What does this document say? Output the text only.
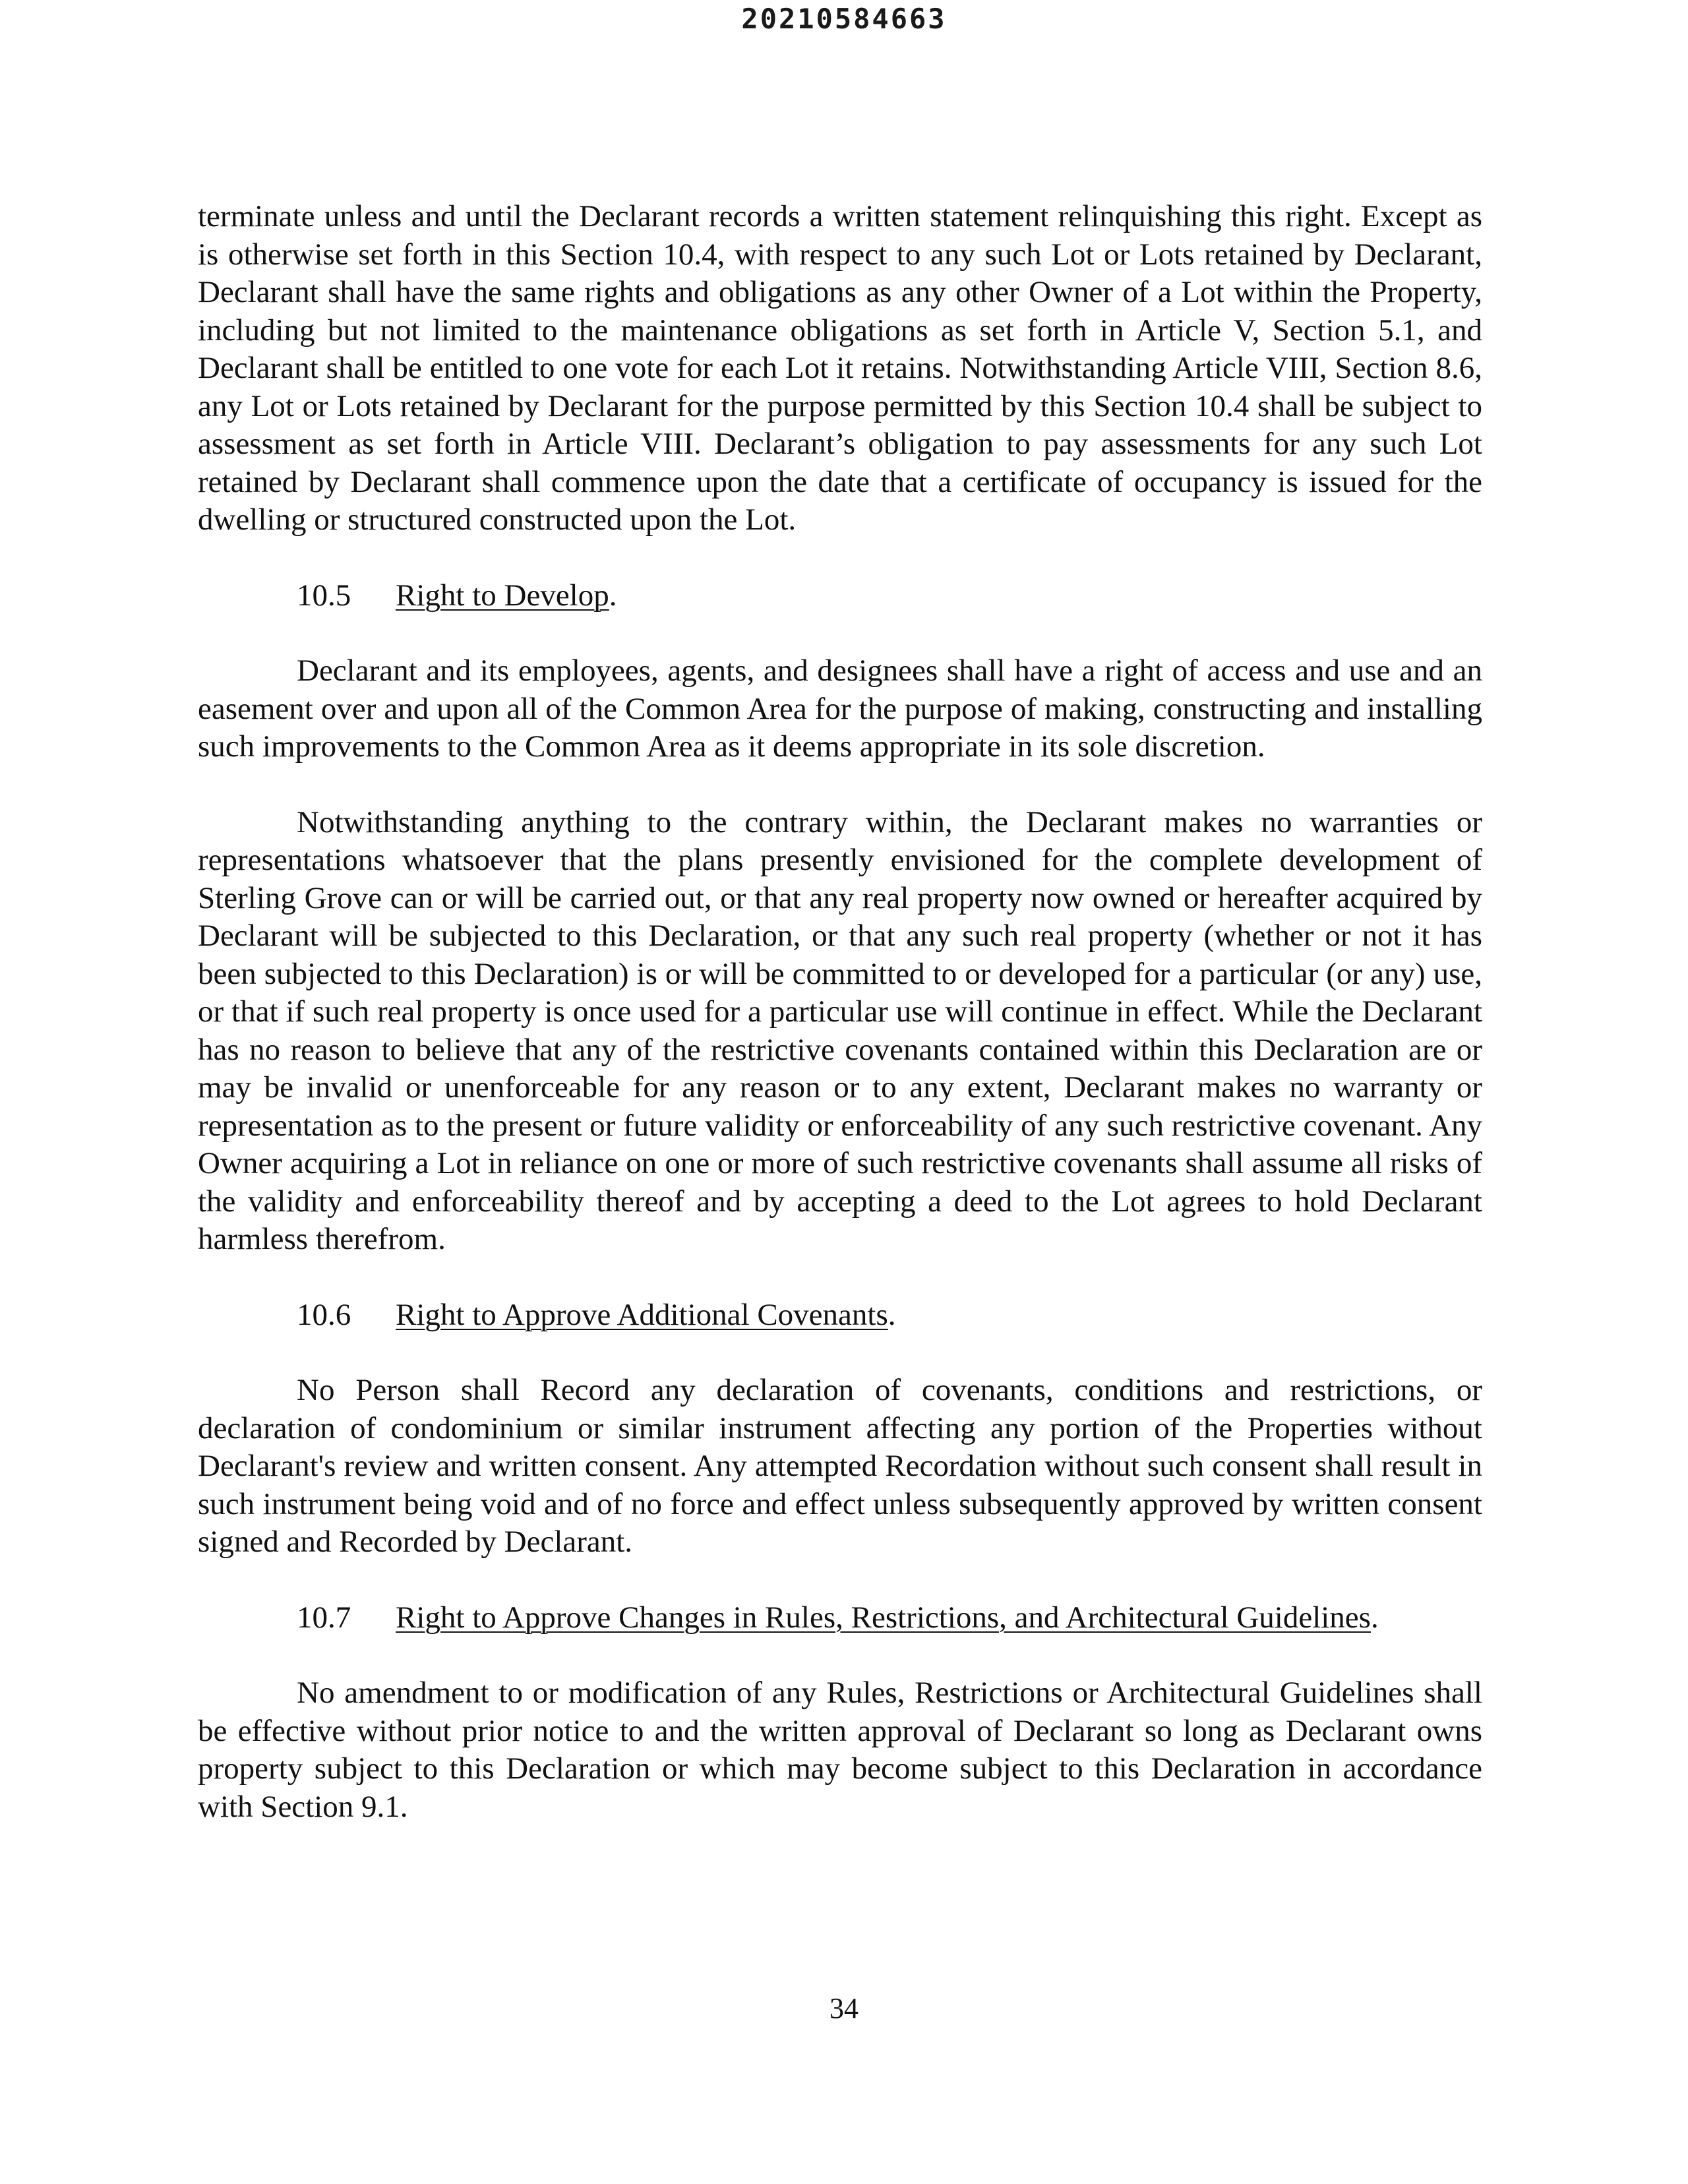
20210584663

terminate unless and until the Declarant records a written statement relinquishing this right. Except as is otherwise set forth in this Section 10.4, with respect to any such Lot or Lots retained by Declarant, Declarant shall have the same rights and obligations as any other Owner of a Lot within the Property, including but not limited to the maintenance obligations as set forth in Article V, Section 5.1, and Declarant shall be entitled to one vote for each Lot it retains. Notwithstanding Article VIII, Section 8.6, any Lot or Lots retained by Declarant for the purpose permitted by this Section 10.4 shall be subject to assessment as set forth in Article VIII. Declarant’s obligation to pay assessments for any such Lot retained by Declarant shall commence upon the date that a certificate of occupancy is issued for the dwelling or structured constructed upon the Lot.

10.5 Right to Develop.

Declarant and its employees, agents, and designees shall have a right of access and use and an easement over and upon all of the Common Area for the purpose of making, constructing and installing such improvements to the Common Area as it deems appropriate in its sole discretion.

Notwithstanding anything to the contrary within, the Declarant makes no warranties or representations whatsoever that the plans presently envisioned for the complete development of Sterling Grove can or will be carried out, or that any real property now owned or hereafter acquired by Declarant will be subjected to this Declaration, or that any such real property (whether or not it has been subjected to this Declaration) is or will be committed to or developed for a particular (or any) use, or that if such real property is once used for a particular use will continue in effect. While the Declarant has no reason to believe that any of the restrictive covenants contained within this Declaration are or may be invalid or unenforceable for any reason or to any extent, Declarant makes no warranty or representation as to the present or future validity or enforceability of any such restrictive covenant. Any Owner acquiring a Lot in reliance on one or more of such restrictive covenants shall assume all risks of the validity and enforceability thereof and by accepting a deed to the Lot agrees to hold Declarant harmless therefrom.

10.6 Right to Approve Additional Covenants.

No Person shall Record any declaration of covenants, conditions and restrictions, or declaration of condominium or similar instrument affecting any portion of the Properties without Declarant's review and written consent. Any attempted Recordation without such consent shall result in such instrument being void and of no force and effect unless subsequently approved by written consent signed and Recorded by Declarant.

10.7 Right to Approve Changes in Rules, Restrictions, and Architectural Guidelines.

No amendment to or modification of any Rules, Restrictions or Architectural Guidelines shall be effective without prior notice to and the written approval of Declarant so long as Declarant owns property subject to this Declaration or which may become subject to this Declaration in accordance with Section 9.1.

34
